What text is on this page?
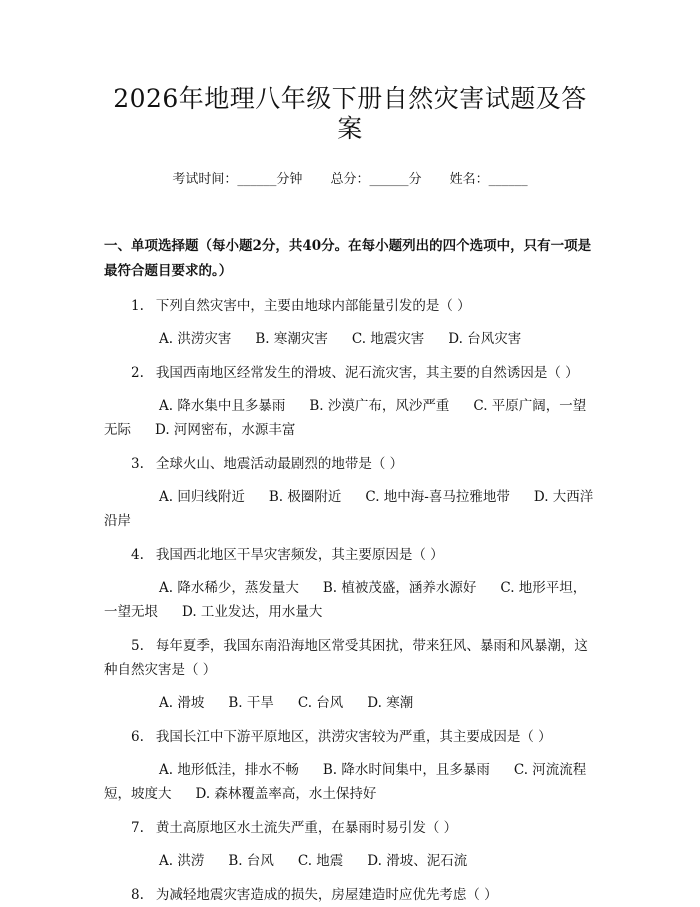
2026年地理八年级下册自然灾害试题及答案
考试时间：______分钟 总分：______分 姓名：______
一、单项选择题（每小题2分，共40分。在每小题列出的四个选项中，只有一项是最符合题目要求的。）
1. 下列自然灾害中，主要由地球内部能量引发的是（ ）
A. 洪涝灾害 B. 寒潮灾害 C. 地震灾害 D. 台风灾害
2. 我国西南地区经常发生的滑坡、泥石流灾害，其主要的自然诱因是（ ）
A. 降水集中且多暴雨 B. 沙漠广布，风沙严重 C. 平原广阔，一望无际 D. 河网密布，水源丰富
3. 全球火山、地震活动最剧烈的地带是（ ）
A. 回归线附近 B. 极圈附近 C. 地中海-喜马拉雅地带 D. 大西洋沿岸
4. 我国西北地区干旱灾害频发，其主要原因是（ ）
A. 降水稀少，蒸发量大 B. 植被茂盛，涵养水源好 C. 地形平坦，一望无垠 D. 工业发达，用水量大
5. 每年夏季，我国东南沿海地区常受其困扰，带来狂风、暴雨和风暴潮，这种自然灾害是（ ）
A. 滑坡 B. 干旱 C. 台风 D. 寒潮
6. 我国长江中下游平原地区，洪涝灾害较为严重，其主要成因是（ ）
A. 地形低洼，排水不畅 B. 降水时间集中，且多暴雨 C. 河流流程短，坡度大 D. 森林覆盖率高，水土保持好
7. 黄土高原地区水土流失严重，在暴雨时易引发（ ）
A. 洪涝 B. 台风 C. 地震 D. 滑坡、泥石流
8. 为减轻地震灾害造成的损失，房屋建造时应优先考虑（ ）
